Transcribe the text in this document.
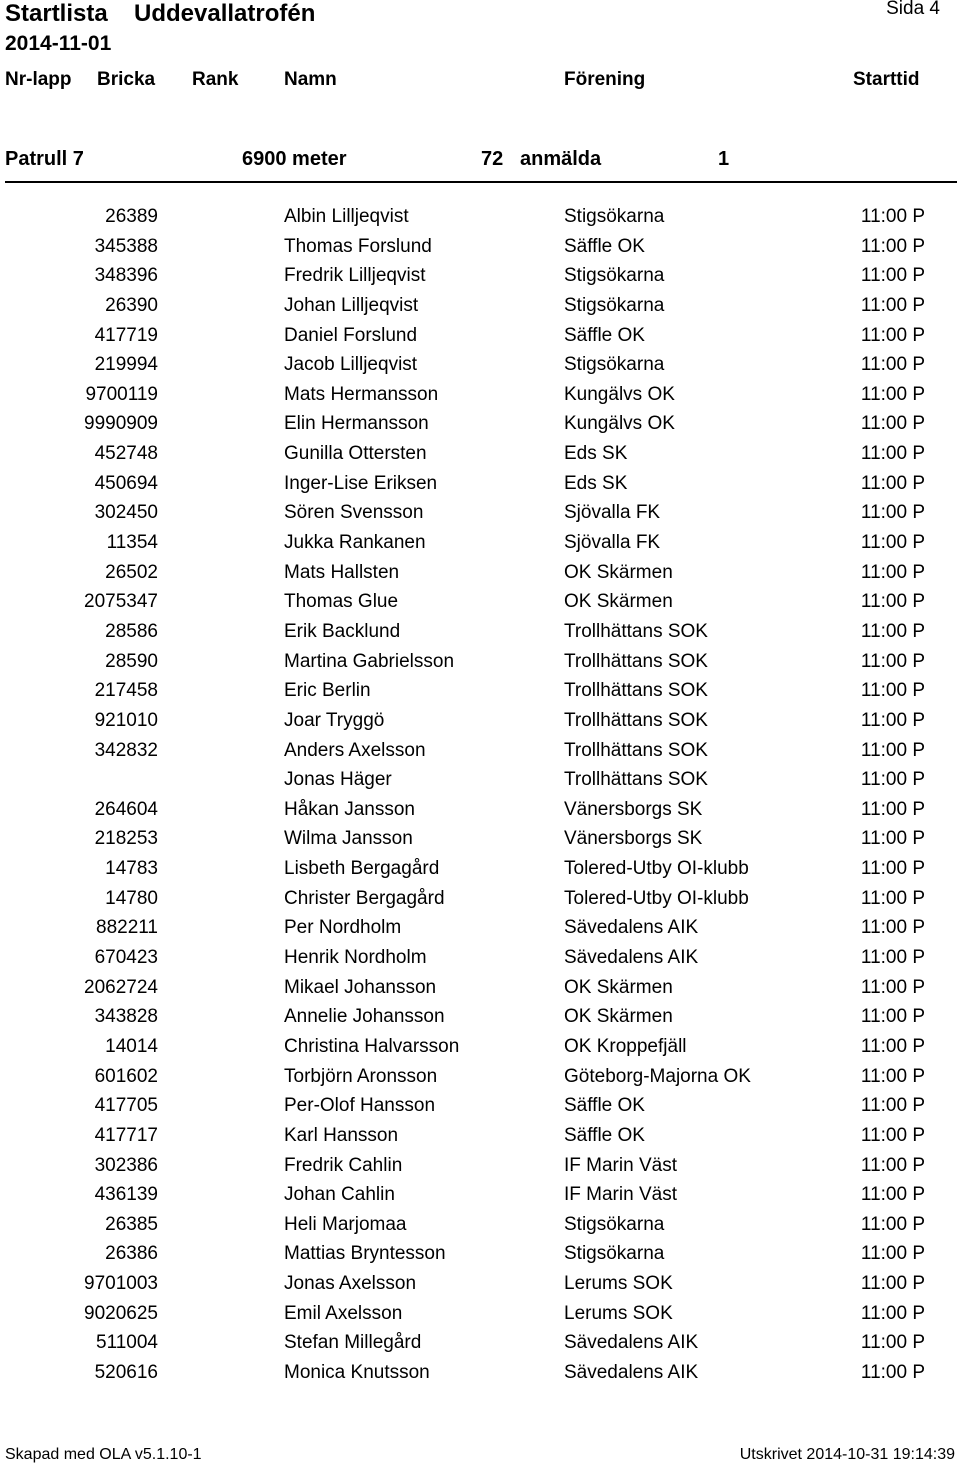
Startlista Uddevallatrofén	Sida 4
2014-11-01
Nr-lapp Bricka Rank Namn	Förening	Starttid
Patrull 7	6900 meter	72 anmälda	1
26389	Albin Lilljeqvist	Stigsökarna	11:00 P
345388	Thomas Forslund	Säffle OK	11:00 P
348396	Fredrik Lilljeqvist	Stigsökarna	11:00 P
26390	Johan Lilljeqvist	Stigsökarna	11:00 P
417719	Daniel Forslund	Säffle OK	11:00 P
219994	Jacob Lilljeqvist	Stigsökarna	11:00 P
9700119	Mats Hermansson	Kungälvs OK	11:00 P
9990909	Elin Hermansson	Kungälvs OK	11:00 P
452748	Gunilla Ottersten	Eds SK	11:00 P
450694	Inger-Lise Eriksen	Eds SK	11:00 P
302450	Sören Svensson	Sjövalla FK	11:00 P
11354	Jukka Rankanen	Sjövalla FK	11:00 P
26502	Mats Hallsten	OK Skärmen	11:00 P
2075347	Thomas Glue	OK Skärmen	11:00 P
28586	Erik Backlund	Trollhättans SOK	11:00 P
28590	Martina Gabrielsson	Trollhättans SOK	11:00 P
217458	Eric Berlin	Trollhättans SOK	11:00 P
921010	Joar Tryggö	Trollhättans SOK	11:00 P
342832	Anders Axelsson	Trollhättans SOK	11:00 P
Jonas Häger	Trollhättans SOK	11:00 P
264604	Håkan Jansson	Vänersborgs SK	11:00 P
218253	Wilma Jansson	Vänersborgs SK	11:00 P
14783	Lisbeth Bergagård	Tolered-Utby OI-klubb	11:00 P
14780	Christer Bergagård	Tolered-Utby OI-klubb	11:00 P
882211	Per Nordholm	Sävedalens AIK	11:00 P
670423	Henrik Nordholm	Sävedalens AIK	11:00 P
2062724	Mikael Johansson	OK Skärmen	11:00 P
343828	Annelie Johansson	OK Skärmen	11:00 P
14014	Christina Halvarsson	OK Kroppefjäll	11:00 P
601602	Torbjörn Aronsson	Göteborg-Majorna OK	11:00 P
417705	Per-Olof Hansson	Säffle OK	11:00 P
417717	Karl Hansson	Säffle OK	11:00 P
302386	Fredrik Cahlin	IF Marin Väst	11:00 P
436139	Johan Cahlin	IF Marin Väst	11:00 P
26385	Heli Marjomaa	Stigsökarna	11:00 P
26386	Mattias Bryntesson	Stigsökarna	11:00 P
9701003	Jonas Axelsson	Lerums SOK	11:00 P
9020625	Emil Axelsson	Lerums SOK	11:00 P
511004	Stefan Millegård	Sävedalens AIK	11:00 P
520616	Monica Knutsson	Sävedalens AIK	11:00 P
Skapad med OLA v5.1.10-1	Utskrivet 2014-10-31 19:14:39
